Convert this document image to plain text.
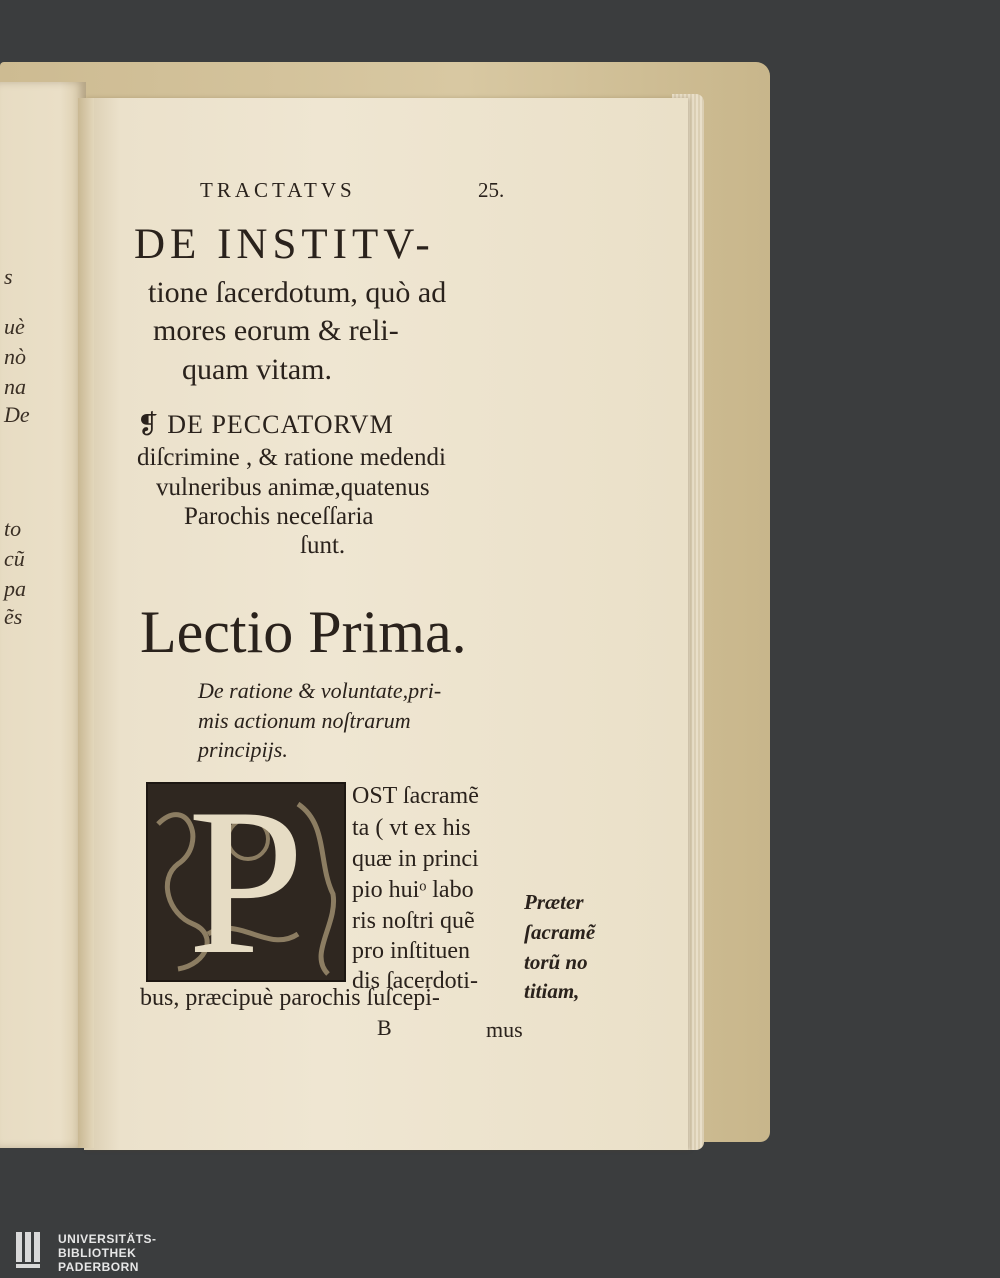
s
uè
nò
na
De
to
cũ
pa
ẽs
TRACTATVS	25.
DE INSTITV-
tione ſacerdotum, quò ad
mores eorum & reli-
quam vitam.
❡ DE PECCATORVM
diſcrimine , & ratione medendi
vulneribus animæ,quatenus
Parochis neceſſaria
ſunt.
Lectio Prima.
De ratione & voluntate,pri-
mis actionum noſtrarum
principijs.
P	OST ſacramẽ
ta ( vt ex his
quæ in princi
pio huiᵒ labo
ris noſtri quẽ
pro inſtituen
dis ſacerdoti-
bus, præcipuè parochis ſuſcepi-
B	mus
Præter
ſacramẽ
torũ no
titiam,
UNIVERSITÄTS-
BIBLIOTHEK
PADERBORN
